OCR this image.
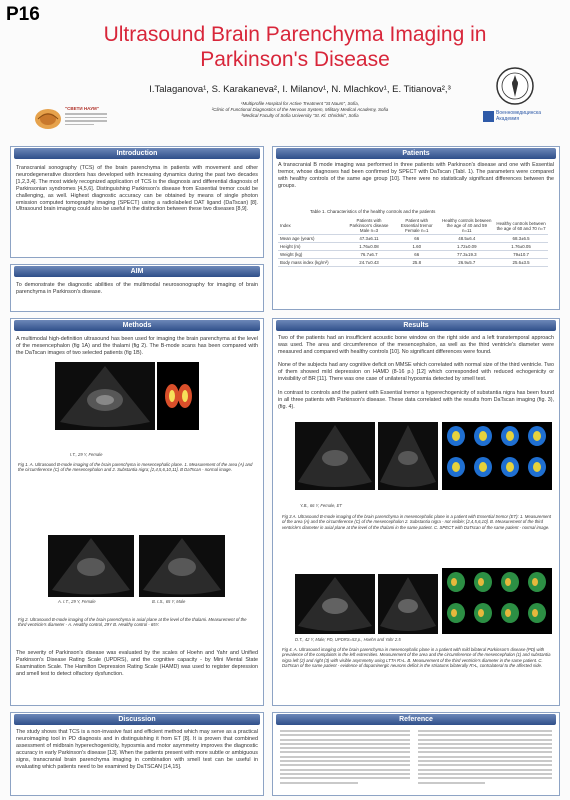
P16
Ultrasound Brain Parenchyma Imaging in Parkinson's Disease
I.Talaganova¹, S. Karakaneva², I. Milanov¹, N. Mlachkov¹, E. Titianova²,³
¹Multiprofile Hospital for Active Treatment "St Naum", Sofia,
²Clinic of Functional Diagnostics of the Nervous System, Military Medical Academy, Sofia
³Medical Faculty of Sofia University "St. Kl. Ohridski", Sofia
"СВЕТИ НАУМ"
Военномедицинска Академия
Introduction
Transcranial sonography (TCS) of the brain parenchyma in patients with movement and other neurodegenerative disorders has developed with increasing dynamics during the past two decades [1,2,3,4]. The most widely recognized application of TCS is the diagnosis and differential diagnosis of Parkinsonian syndromes [4,5,6]. Distinguishing Parkinson's disease from Essential tremor could be challenging, as well. Highest diagnostic accuracy can be obtained by means of single photon emission computed tomography imaging (SPECT) using a radiolabeled DAT ligand (DaTscan) [8]. Ultrasound brain imaging could also be useful in the distinction between these two diseases [8,9].
AIM
To demonstrate the diagnostic abilities of the multimodal neurosonography for imaging of brain parenchyma in Parkinson's disease.
Patients
A transcranial B mode imaging was performed in three patients with Parkinson's disease and one with Essential tremor, whose diagnoses had been confirmed by SPECT with DaTscan (Tabl. 1). The parameters were compared with healthy controls of the same age group [10]. There were no statistically significant differences between the groups.
Table 1. Characteristics of the healthy controls and the patients
Index	Patients with Parkinson's disease Male n=3	Patient with Essential tremor Female n=1	Healthy controls between the age of 40 and 59 n=11	Healthy controls between the age of 60 and 70 n=7
Mean age (years)	47.3±6.11	66	48.5±6.4	68.3±6.5
Height (m)	1.76±0.08	1.60	1.72±0.09	1.76±0.05
Weight (kg)	76.7±6.7	66	77.3±19.3	79±10.7
Body mass index (kg/m²)	24.7±0.43	25.8	26.9±5.7	25.6±3.5
Methods
A multimodal high-definition ultrasound has been used for imaging the brain parenchyma at the level of the mesencephalon (fig 1A) and the thalami (fig 2). The B-mode scans has been compared with the DaTscan images of two selected patients (fig 1B).
I.T., 29 Y, Female
Fig 1. A. Ultrasound B-mode imaging of the brain parenchyma in mesencephalic plane. 1. Measurement of the area (A) and the circumference (C) of the mesencephalon and 2. Substantia nigra; [2,4,5,6,10,11]. B DaTscan - normal image.
A. I.T., 29 Y, Female	B. I.S., 65 Y, Male
Fig 2. Ultrasound B-mode imaging of the brain parenchyma in axial plane at the level of the thalami. Measurement of the third ventricle's diameter - A. Healthy control, 29Y B. Healthy control - 65Y.
The severity of Parkinson's disease was evaluated by the scales of Hoehn and Yahr and Unified Parkinson's Disease Rating Scale (UPDRS), and the cognitive capacity - by Mini Mental State Examination Scale. The Hamilton Depression Rating Scale (HAMD) was used to register depression and smell test to detect olfactory dysfunction.
Results
Two of the patients had an insufficient acoustic bone window on the right side and a left transtemporal approach was used. The area and circumference of the mesencephalon, as well as the third ventricle's diameter were measured and compared with healthy controls [10]. No significant differences were found.
None of the subjects had any cognitive deficit on MMSE which correlated with normal size of the third ventricle. Two of them showed mild depression on HAMD (8-16 p.) [12] which corresponded with reduced echogenicity or invisibility of BR [11]. There was one case of unilateral hyposmia detected by smell test.
In contrast to controls and the patient with Essential tremor a hyperechogenicity of substantia nigra has been found in all three patients with Parkinson's disease. These data correlated with the results from DaTscan imaging (fig. 3), (fig. 4).
Y.B., 66 Y, Female, ET
Fig 3 A. Ultrasound B-mode imaging of the brain parenchyma in mesencephalic plane in a patient with Essential tremor (ET): 1. Measurement of the area (A) and the circumference (C) of the mesencephalon 2. Substantia nigra - not visible; [2,4,5,6,10]. B. Measurement of the third ventricle's diameter in axial plane at the level of the thalami in the same patient. C. SPECT with DaTscan of the same patient - normal image.
D.T., 42 Y, Male; PD, UPDRS=53 p., Hoehn and Yahr 2.5
Fig 4. A. Ultrasound imaging of the brain parenchyma in mesencephalic plane in a patient with mild bilateral Parkinson's disease (PD) with prevalence of the complaints in the left extremities. Measurement of the area and the circumference of the mesencephalon (1) and substantia nigra left (2) and right (3) with visible asymmetry using LTTA R>L. B. Measurement of the third ventricle's diameter in the same patient. C. DaTscan of the same patient - evidence of dopaminergic neurons deficit in the striatums bilaterally R>L, contralateral to the affected side.
Discussion
The study shows that TCS is a non-invasive fast and efficient method which may serve as a practical neuroimaging tool in PD diagnosis and in distinguishing it from ET [8]. It is proven that combined assessment of midbrain hyperechogenicity, hyposmia and motor asymmetry improves the diagnostic accuracy in early Parkinson's disease [13]. When the patients present with more subtle or ambiguous signs, transcranial brain parenchyma imaging in combination with smell test can be useful in evaluating which patients need to be examined by DaTSCAN [14,15].
Reference
